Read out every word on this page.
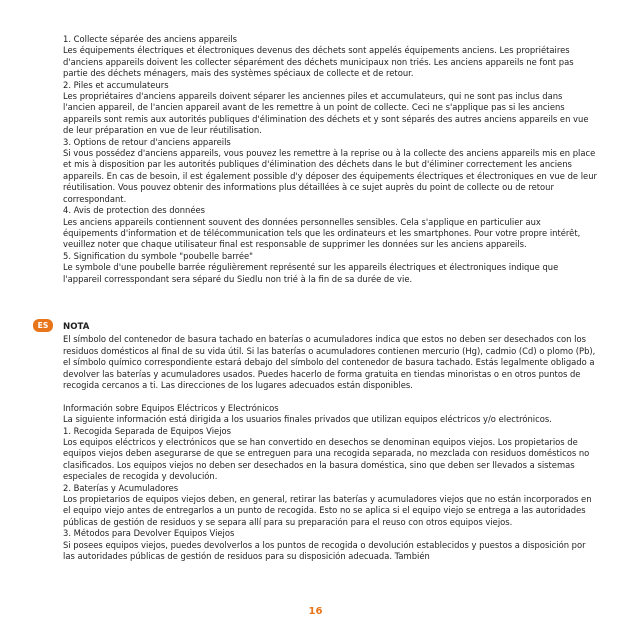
1. Collecte séparée des anciens appareils

Les équipements électriques et électroniques devenus des déchets sont appelés équipements anciens. Les propriétaires d'anciens appareils doivent les collecter séparément des déchets municipaux non triés. Les anciens appareils ne font pas partie des déchets ménagers, mais des systèmes spéciaux de collecte et de retour.

2. Piles et accumulateurs

Les propriétaires d'anciens appareils doivent séparer les anciennes piles et accumulateurs, qui ne sont pas inclus dans l'ancien appareil, de l'ancien appareil avant de les remettre à un point de collecte. Ceci ne s'applique pas si les anciens appareils sont remis aux autorités publiques d'élimination des déchets et y sont séparés des autres anciens appareils en vue de leur préparation en vue de leur réutilisation.

3. Options de retour d'anciens appareils

Si vous possédez d'anciens appareils, vous pouvez les remettre à la reprise ou à la collecte des anciens appareils mis en place et mis à disposition par les autorités publiques d'élimination des déchets dans le but d'éliminer correctement les anciens appareils. En cas de besoin, il est également possible d'y déposer des équipements électriques et électroniques en vue de leur réutilisation. Vous pouvez obtenir des informations plus détaillées à ce sujet auprès du point de collecte ou de retour correspondant.

4. Avis de protection des données

Les anciens appareils contiennent souvent des données personnelles sensibles. Cela s'applique en particulier aux équipements d'information et de télécommunication tels que les ordinateurs et les smartphones. Pour votre propre intérêt, veuillez noter que chaque utilisateur final est responsable de supprimer les données sur les anciens appareils.

5. Signification du symbole "poubelle barrée"

Le symbole d'une poubelle barrée régulièrement représenté sur les appareils électriques et électroniques indique que l'appareil corresspondant sera séparé du Siedlu non trié à la fin de sa durée de vie.

ES	NOTA

El símbolo del contenedor de basura tachado en baterías o acumuladores indica que estos no deben ser desechados con los residuos domésticos al final de su vida útil. Si las baterías o acumuladores contienen mercurio (Hg), cadmio (Cd) o plomo (Pb), el símbolo químico correspondiente estará debajo del símbolo del contenedor de basura tachado. Estás legalmente obligado a devolver las baterías y acumuladores usados. Puedes hacerlo de forma gratuita en tiendas minoristas o en otros puntos de recogida cercanos a ti. Las direcciones de los lugares adecuados están disponibles.

Información sobre Equipos Eléctricos y Electrónicos

La siguiente información está dirigida a los usuarios finales privados que utilizan equipos eléctricos y/o electrónicos.

1. Recogida Separada de Equipos Viejos

Los equipos eléctricos y electrónicos que se han convertido en desechos se denominan equipos viejos. Los propietarios de equipos viejos deben asegurarse de que se entreguen para una recogida separada, no mezclada con residuos domésticos no clasificados. Los equipos viejos no deben ser desechados en la basura doméstica, sino que deben ser llevados a sistemas especiales de recogida y devolución.

2. Baterías y Acumuladores

Los propietarios de equipos viejos deben, en general, retirar las baterías y acumuladores viejos que no están incorporados en el equipo viejo antes de entregarlos a un punto de recogida. Esto no se aplica si el equipo viejo se entrega a las autoridades públicas de gestión de residuos y se separa allí para su preparación para el reuso con otros equipos viejos.

3. Métodos para Devolver Equipos Viejos

Si posees equipos viejos, puedes devolverlos a los puntos de recogida o devolución establecidos y puestos a disposición por las autoridades públicas de gestión de residuos para su disposición adecuada. También

16
